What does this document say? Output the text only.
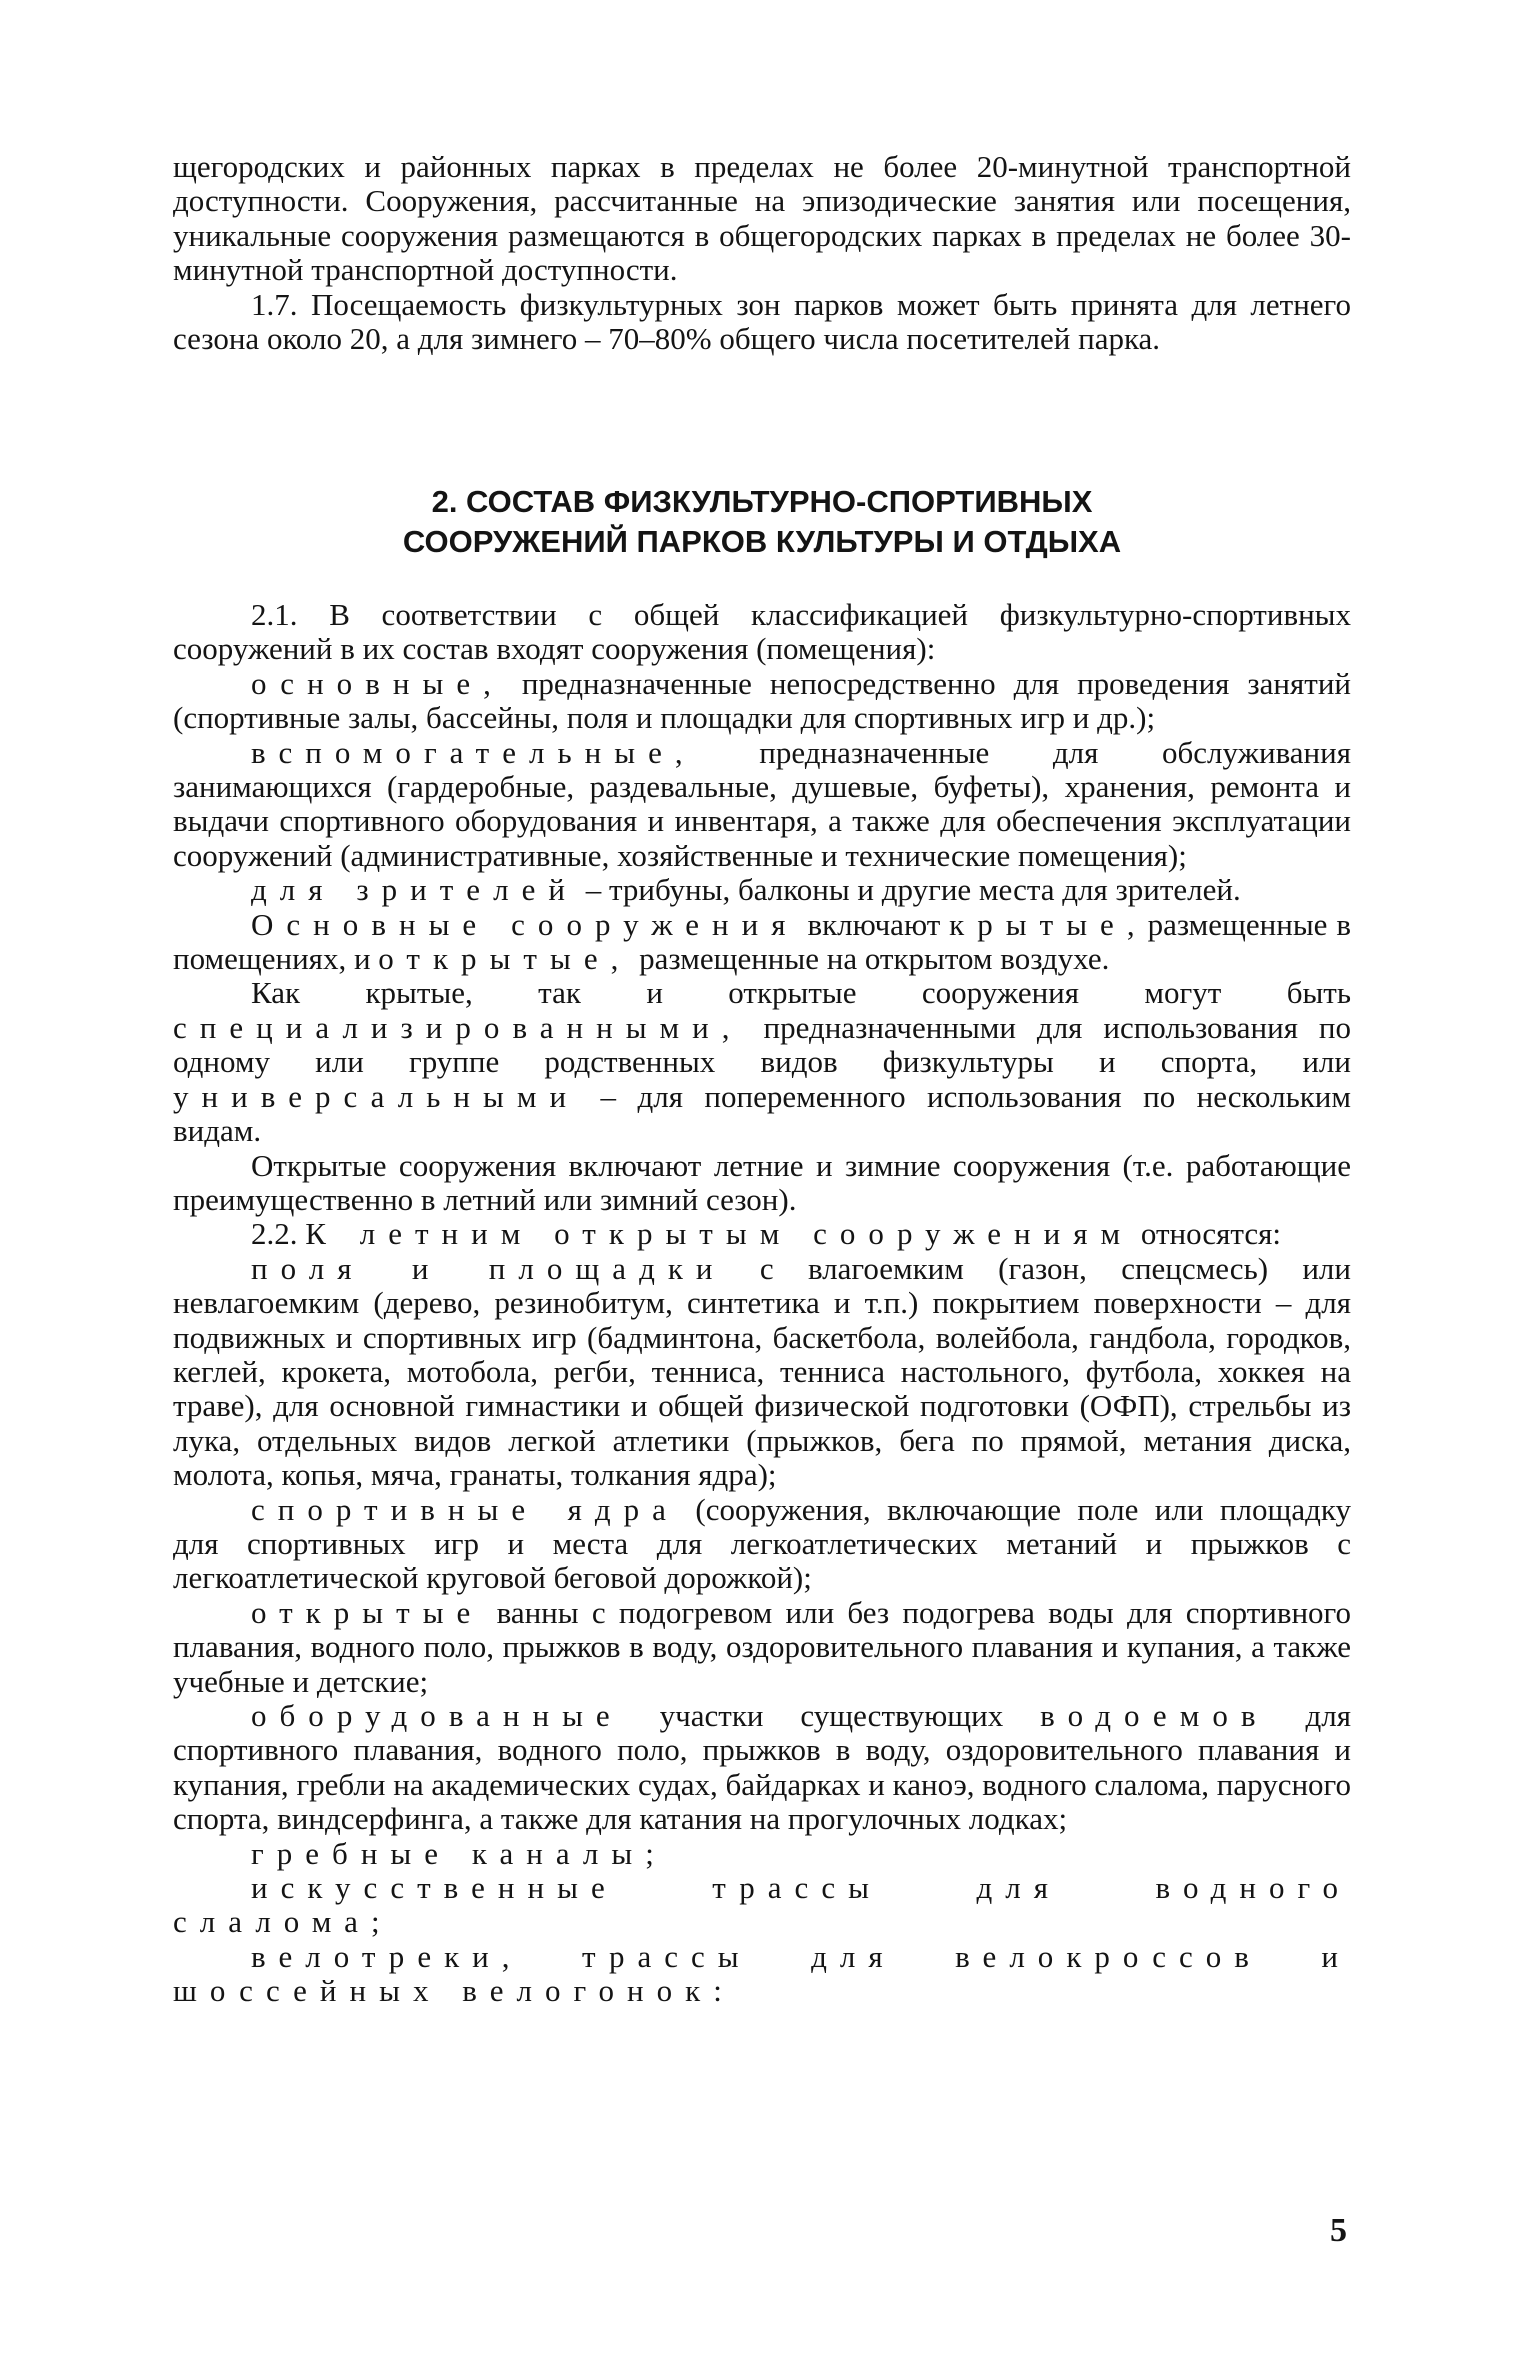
щегородских и районных парках в пределах не более 20-минутной транспортной доступности. Сооружения, рассчитанные на эпизодические занятия или посещения, уникальные сооружения размещаются в общегородских парках в пределах не более 30-минутной транспортной доступности.

1.7. Посещаемость физкультурных зон парков может быть принята для летнего сезона около 20, а для зимнего – 70–80% общего числа посетителей парка.

2. СОСТАВ ФИЗКУЛЬТУРНО-СПОРТИВНЫХ
СООРУЖЕНИЙ ПАРКОВ КУЛЬТУРЫ И ОТДЫХА

2.1. В соответствии с общей классификацией физкультурно-спортивных сооружений в их состав входят сооружения (помещения):

основные, предназначенные непосредственно для проведения занятий (спортивные залы, бассейны, поля и площадки для спортивных игр и др.);

вспомогательные, предназначенные для обслуживания занимающихся (гардеробные, раздевальные, душевые, буфеты), хранения, ремонта и выдачи спортивного оборудования и инвентаря, а также для обеспечения эксплуатации сооружений (административные, хозяйственные и технические помещения);

для зрителей – трибуны, балконы и другие места для зрителей.

Основные сооружения включают крытые,размещенные в помещениях, и открытые, размещенные на открытом воздухе.

Как крытые, так и открытые сооружения могут быть специализированными, предназначенными для использования по одному или группе родственных видов физкультуры и спорта, или универсальными – для попеременного использования по нескольким видам.

Открытые сооружения включают летние и зимние сооружения (т.е. работающие преимущественно в летний или зимний сезон).

2.2. К летним открытым сооружениям относятся:

поля и площадки с влагоемким (газон, спецсмесь) или невлагоемким (дерево, резинобитум, синтетика и т.п.) покрытием поверхности – для подвижных и спортивных игр (бадминтона, баскетбола, волейбола, гандбола, городков, кеглей, крокета, мотобола, регби, тенниса, тенниса настольного, футбола, хоккея на траве), для основной гимнастики и общей физической подготовки (ОФП), стрельбы из лука, отдельных видов легкой атлетики (прыжков, бега по прямой, метания диска, молота, копья, мяча, гранаты, толкания ядра);

спортивные ядра (сооружения, включающие поле или площадку для спортивных игр и места для легкоатлетических метаний и прыжков с легкоатлетической круговой беговой дорожкой);

открытые ванны с подогревом или без подогрева воды для спортивного плавания, водного поло, прыжков в воду, оздоровительного плавания и купания, а также учебные и детские;

оборудованные участки существующих водоемов для спортивного плавания, водного поло, прыжков в воду, оздоровительного плавания и купания, гребли на академических судах, байдарках и каноэ, водного слалома, парусного спорта, виндсерфинга, а также для катания на прогулочных лодках;

гребные каналы;

искусственные трассы для водного слалома;

велотреки, трассы для велокроссов и шоссейных велогонок:

5
